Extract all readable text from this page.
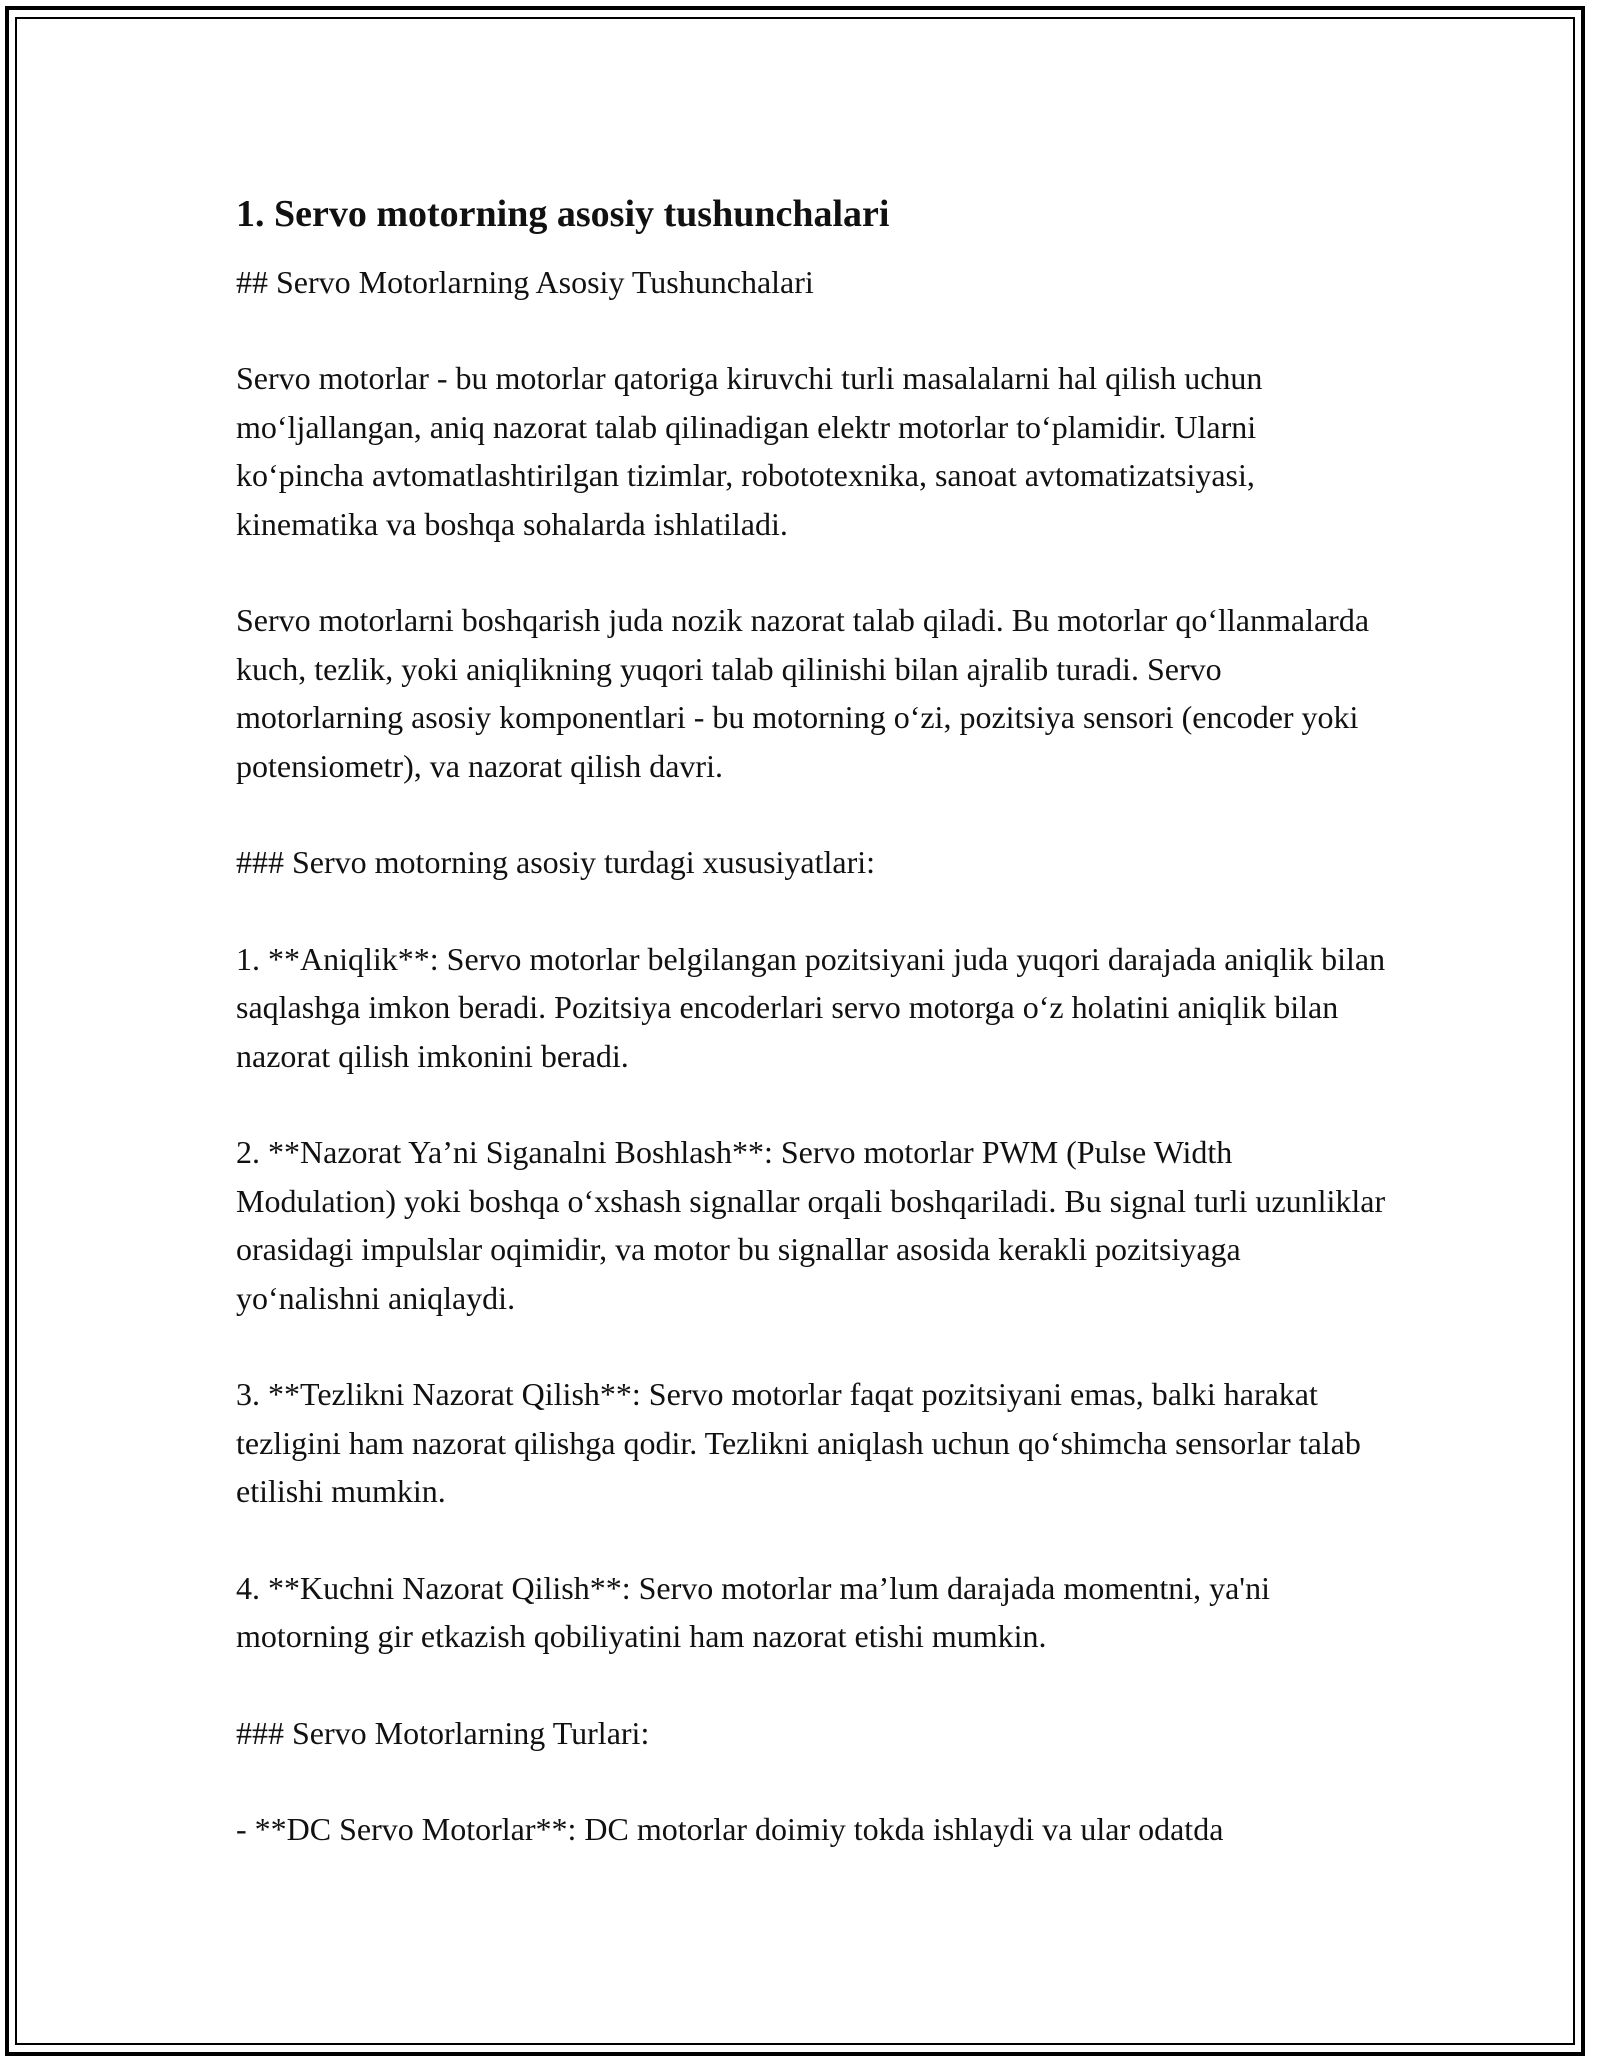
1. Servo motorning asosiy tushunchalari

## Servo Motorlarning Asosiy Tushunchalari

Servo motorlar - bu motorlar qatoriga kiruvchi turli masalalarni hal qilish uchun mo‘ljallangan, aniq nazorat talab qilinadigan elektr motorlar to‘plamidir. Ularni ko‘pincha avtomatlashtirilgan tizimlar, robototexnika, sanoat avtomatizatsiyasi, kinematika va boshqa sohalarda ishlatiladi.

Servo motorlarni boshqarish juda nozik nazorat talab qiladi. Bu motorlar qo‘llanmalarda kuch, tezlik, yoki aniqlikning yuqori talab qilinishi bilan ajralib turadi. Servo motorlarning asosiy komponentlari - bu motorning o‘zi, pozitsiya sensori (encoder yoki potensiometr), va nazorat qilish davri.

### Servo motorning asosiy turdagi xususiyatlari:

1. **Aniqlik**: Servo motorlar belgilangan pozitsiyani juda yuqori darajada aniqlik bilan saqlashga imkon beradi. Pozitsiya encoderlari servo motorga o‘z holatini aniqlik bilan nazorat qilish imkonini beradi.

2. **Nazorat Ya’ni Siganalni Boshlash**: Servo motorlar PWM (Pulse Width Modulation) yoki boshqa o‘xshash signallar orqali boshqariladi. Bu signal turli uzunliklar orasidagi impulslar oqimidir, va motor bu signallar asosida kerakli pozitsiyaga yo‘nalishni aniqlaydi.

3. **Tezlikni Nazorat Qilish**: Servo motorlar faqat pozitsiyani emas, balki harakat tezligini ham nazorat qilishga qodir. Tezlikni aniqlash uchun qo‘shimcha sensorlar talab etilishi mumkin.

4. **Kuchni Nazorat Qilish**: Servo motorlar ma’lum darajada momentni, ya'ni motorning gir etkazish qobiliyatini ham nazorat etishi mumkin.

### Servo Motorlarning Turlari:

- **DC Servo Motorlar**: DC motorlar doimiy tokda ishlaydi va ular odatda
